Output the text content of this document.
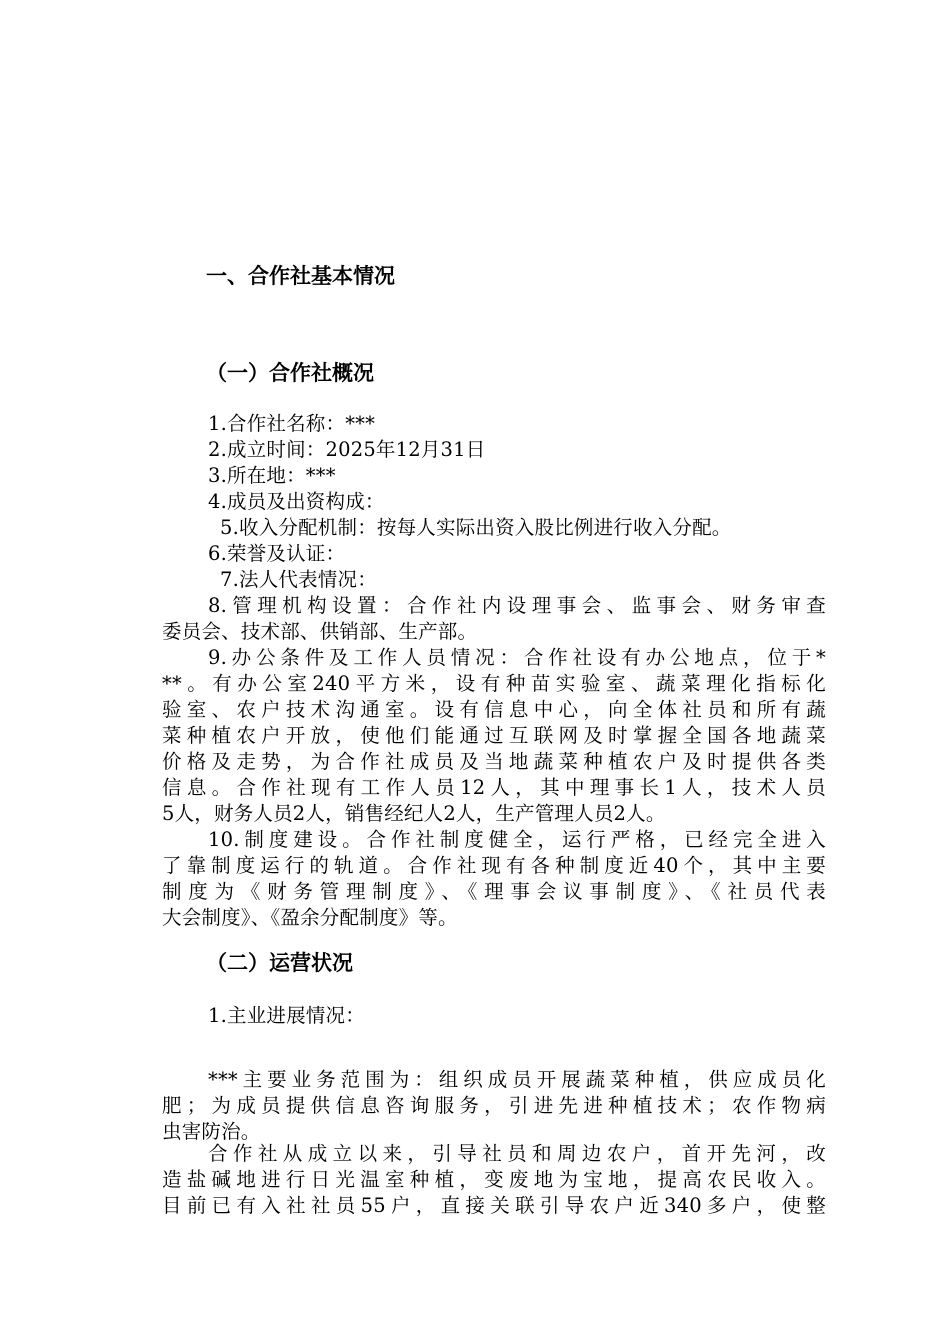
一、合作社基本情况
（一）合作社概况
1.合作社名称：***
2.成立时间：2025年12月31日
3.所在地：***
4.成员及出资构成：
5.收入分配机制：按每人实际出资入股比例进行收入分配。
6.荣誉及认证：
7.法人代表情况：
8.管理机构设置：合作社内设理事会、监事会、财务审查
委员会、技术部、供销部、生产部。
9.办公条件及工作人员情况：合作社设有办公地点，位于*
**。有办公室240平方米，设有种苗实验室、蔬菜理化指标化
验室、农户技术沟通室。设有信息中心，向全体社员和所有蔬
菜种植农户开放，使他们能通过互联网及时掌握全国各地蔬菜
价格及走势，为合作社成员及当地蔬菜种植农户及时提供各类
信息。合作社现有工作人员12人，其中理事长1人，技术人员
5人，财务人员2人，销售经纪人2人，生产管理人员2人。
10.制度建设。合作社制度健全，运行严格，已经完全进入
了靠制度运行的轨道。合作社现有各种制度近40个，其中主要
制度为《财务管理制度》、《理事会议事制度》、《社员代表
大会制度》、《盈余分配制度》等。
（二）运营状况
1.主业进展情况：
***主要业务范围为：组织成员开展蔬菜种植，供应成员化
肥；为成员提供信息咨询服务，引进先进种植技术；农作物病
虫害防治。
合作社从成立以来，引导社员和周边农户，首开先河，改
造盐碱地进行日光温室种植，变废地为宝地，提高农民收入。
目前已有入社社员55户，直接关联引导农户近340多户，使整
